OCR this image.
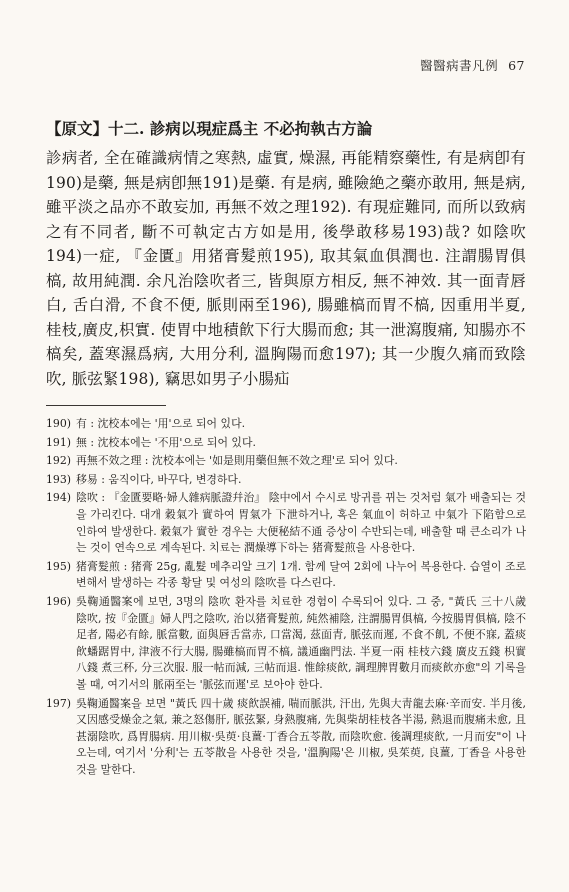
醫醫病書凡例 67
【原文】十二. 診病以現症爲主 不必拘執古方論

診病者, 全在確識病情之寒熱, 虛實, 燥濕, 再能精察藥性, 有是病卽有190)是藥, 無是病卽無191)是藥. 有是病, 雖險絶之藥亦敢用, 無是病, 雖平淡之品亦不敢妄加, 再無不效之理192). 有現症難同, 而所以致病之有不同者, 斷不可執定古方如是用, 後學敢移易193)哉? 如陰吹194)一症, 『金匱』用猪膏髮煎195), 取其氣血俱潤也. 注謂腸胃俱槁, 故用純潤. 余凡治陰吹者三, 皆與原方相反, 無不神效. 其一面青唇白, 舌白滑, 不食不便, 脈則兩至196), 腸雖槁而胃不槁, 因重用半夏,桂枝,廣皮,枳實. 使胃中地積飮下行大腸而愈; 其一泄瀉腹痛, 知腸亦不槁矣, 蓋寒濕爲病, 大用分利, 溫胸陽而愈197); 其一少腹久痛而致陰吹, 脈弦緊198), 竊思如男子小腸疝

190) 有 : 沈校本에는 '用'으로 되어 있다.
191) 無 : 沈校本에는 '不用'으로 되어 있다.
192) 再無不效之理 : 沈校本에는 '如是則用藥但無不效之理'로 되어 있다.
193) 移易 : 움직이다, 바꾸다, 변경하다.
194) 陰吹 : 『金匱要略·婦人雜病脈證幷治』 陰中에서 수시로 방귀를 뀌는 것처럼 氣가 배출되는 것을 가리킨다. 대개 穀氣가 實하여 胃氣가 下泄하거나, 혹은 氣血이 허하고 中氣가 下陷함으로 인하여 발생한다. 穀氣가 實한 경우는 大便秘結不通 증상이 수반되는데, 배출할 때 큰소리가 나는 것이 연속으로 계속된다. 치료는 潤燥導下하는 猪膏髮煎을 사용한다.
195) 猪膏髮煎 : 猪膏 25g, 亂髮 메추리알 크기 1개. 함께 달여 2회에 나누어 복용한다. 습열이 조로 변해서 발생하는 각종 황달 및 여성의 陰吹를 다스린다.
196) 吳鞠通醫案에 보면, 3명의 陰吹 환자를 치료한 경험이 수록되어 있다. 그 중, "黃氏 三十八歲 陰吹, 按『金匱』婦人門之陰吹, 治以猪膏髮煎, 純然補陰, 注謂腸胃俱槁, 今按腸胃俱槁, 陰不足者, 陽必有餘, 脈當數, 面與唇舌當赤, 口當渴, 茲面青, 脈弦而遲, 不食不飢, 不便不寐, 蓋痰飮蟠踞胃中, 津液不行大腸, 腸雖槁而胃不槁, 議通幽門法. 半夏一兩 桂枝六錢 廣皮五錢 枳實八錢 煮三杯, 分三次服. 服一帖而減, 三帖而退. 惟餘痰飮, 調理脾胃數月而痰飮亦愈"의 기록을 볼 때, 여기서의 脈兩至는 '脈弦而遲'로 보아야 한다.
197) 吳鞠通醫案을 보면 "黃氏 四十歲 痰飮誤補, 喘而脈洪, 汗出, 先與大靑龍去麻·辛而安. 半月後, 又因感受燥金之氣, 兼之怒傷肝, 脈弦緊, 身熱腹痛, 先與柴胡桂枝各半湯, 熱退而腹痛未愈, 且甚溺陰吹, 爲胃腸病. 用川椒·吳萸·良薑·丁香合五苓散, 而陰吹愈. 後調理痰飮, 一月而安"이 나오는데, 여기서 '分利'는 五苓散을 사용한 것을, '溫胸陽'은 川椒, 吳茱萸, 良薑, 丁香을 사용한 것을 말한다.
